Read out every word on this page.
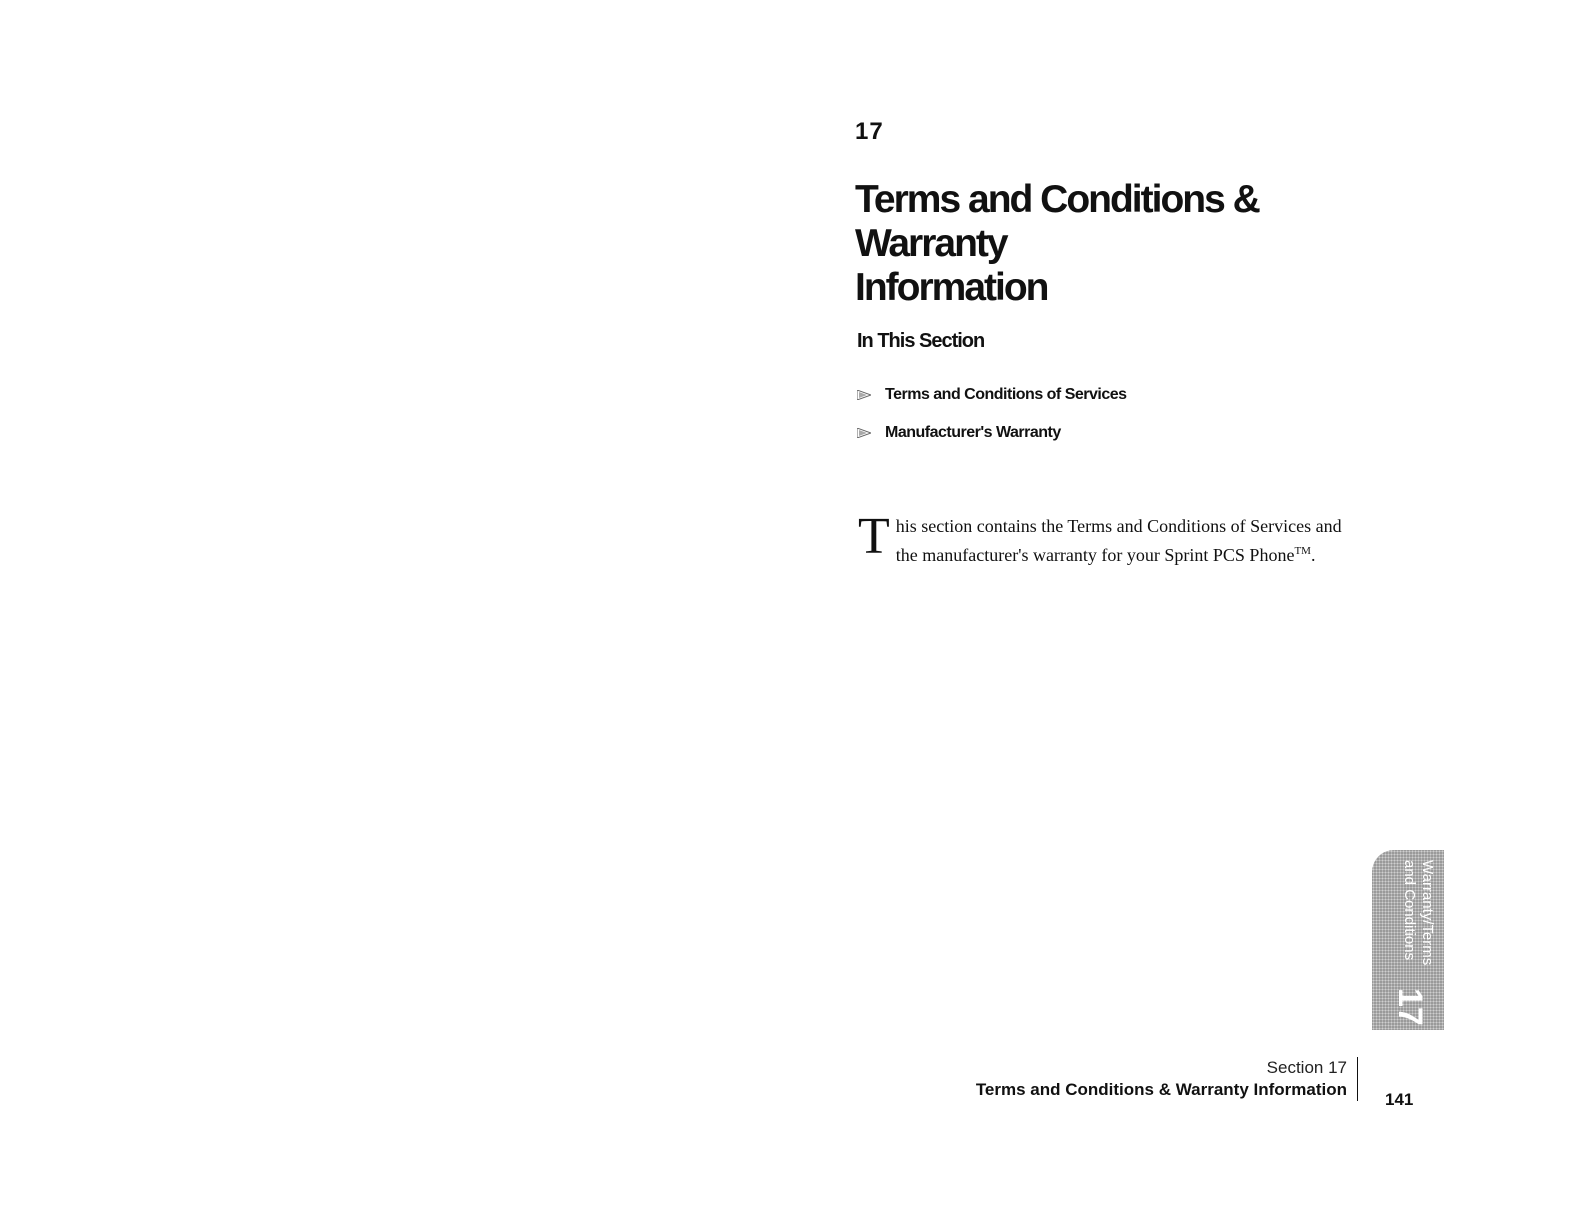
17
Terms and Conditions & Warranty
Information
In This Section
Terms and Conditions of Services
Manufacturer's Warranty
T his section contains the Terms and Conditions of Services and the manufacturer's warranty for your Sprint PCS Phone™.

Warranty/Terms
and Conditions
17
Section 17
Terms and Conditions & Warranty Information
141
